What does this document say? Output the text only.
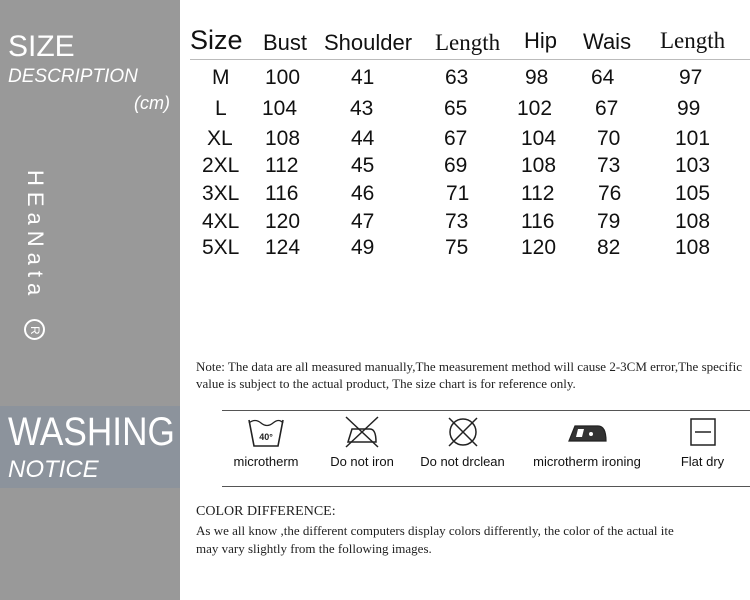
SIZE
DESCRIPTION
(cm)
HEaNata R
WASHING
NOTICE
Size Bust Shoulder Length Hip Wais Length
M 100 41	63	98 64	97
L 104	43	65 102 67	99
XL 108 44	67	104 70	101
2XL 112	45	69	108 73	103
3XL 116	46	71 112 76	105
4XL 120 47	73	116 79	108
5XL 124 49	75	120 82	108
Note: The data are all measured manually,The measurement method will cause 2-3CM error,The specific value is subject to the actual product, The size chart is for reference only.
40°
microtherm	Do not iron	Do not drclean	microtherm ironing	Flat dry
COLOR DIFFERENCE:
As we all know ,the different computers display colors differently, the color of the actual ite
may vary slightly from the following images.
